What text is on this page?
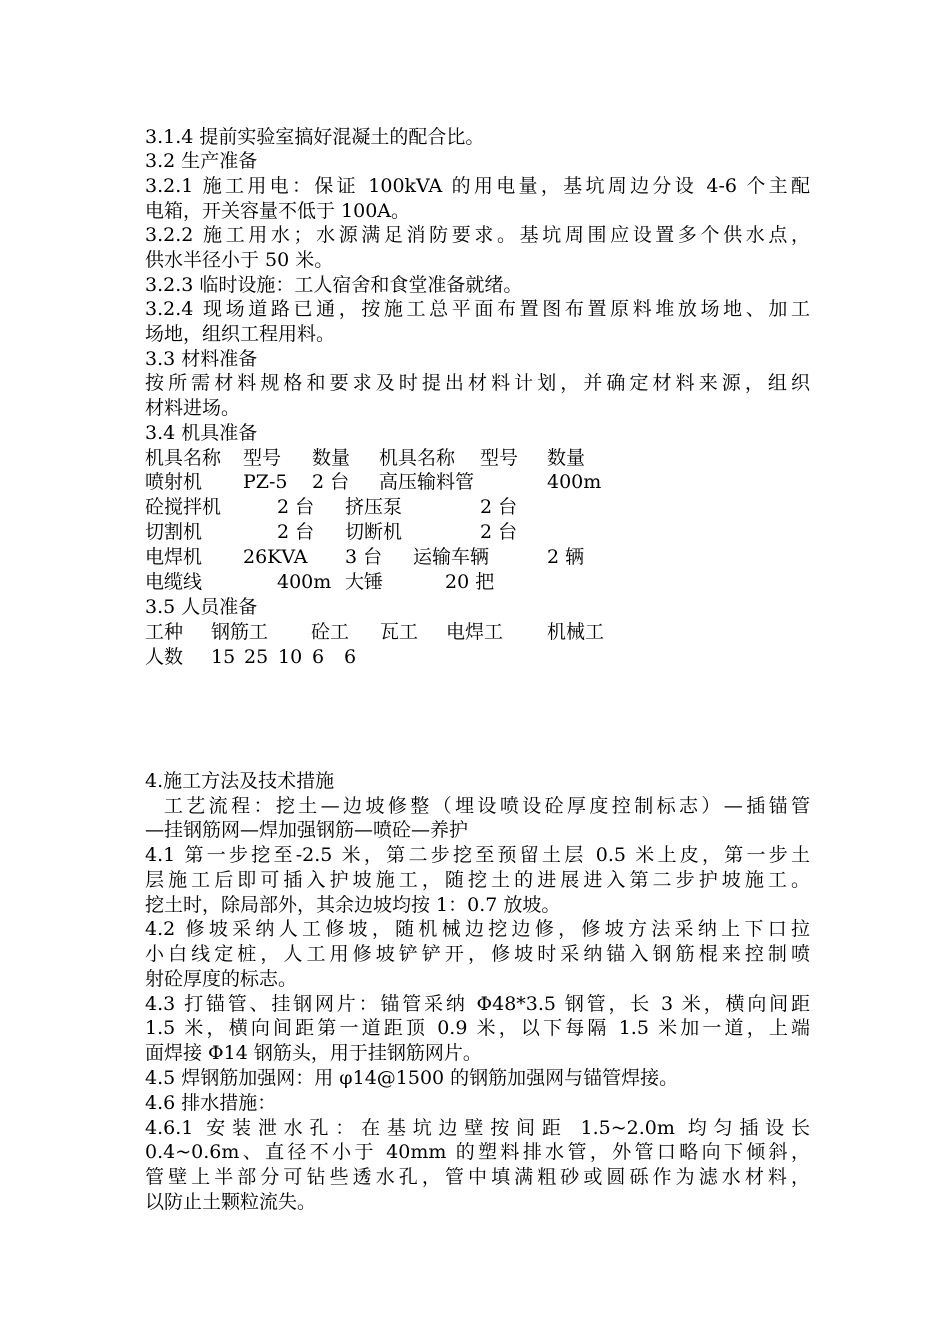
3.1.4 提前实验室搞好混凝土的配合比。
3.2 生产准备
3.2.1 施工用电：保证 100kVA 的用电量，基坑周边分设 4-6 个主配
电箱，开关容量不低于 100A。
3.2.2 施工用水；水源满足消防要求。基坑周围应设置多个供水点，
供水半径小于 50 米。
3.2.3 临时设施：工人宿舍和食堂准备就绪。
3.2.4 现场道路已通，按施工总平面布置图布置原料堆放场地、加工
场地，组织工程用料。
3.3 材料准备
按所需材料规格和要求及时提出材料计划，并确定材料来源，组织
材料进场。
3.4 机具准备
机具名称 型号 数量 机具名称 型号 数量
喷射机 PZ-5 2 台 高压输料管	400m
砼搅拌机	2 台 挤压泵	2 台
切割机	2 台 切断机	2 台
电焊机 26KVA 3 台 运输车辆	2 辆
电缆线	400m 大锤	20 把
3.5 人员准备
工种 钢筋工 砼工 瓦工 电焊工 机械工
人数 15 25 10 6 6
4.施工方法及技术措施
工艺流程：挖土—边坡修整（埋设喷设砼厚度控制标志）—插锚管
—挂钢筋网—焊加强钢筋—喷砼—养护
4.1 第一步挖至-2.5 米，第二步挖至预留土层 0.5 米上皮，第一步土
层施工后即可插入护坡施工，随挖土的进展进入第二步护坡施工。
挖土时，除局部外，其余边坡均按 1：0.7 放坡。
4.2 修坡采纳人工修坡，随机械边挖边修，修坡方法采纳上下口拉
小白线定桩，人工用修坡铲铲开，修坡时采纳锚入钢筋棍来控制喷
射砼厚度的标志。
4.3 打锚管、挂钢网片：锚管采纳 Φ48*3.5 钢管，长 3 米，横向间距
1.5 米，横向间距第一道距顶 0.9 米，以下每隔 1.5 米加一道，上端
面焊接 Φ14 钢筋头，用于挂钢筋网片。
4.5 焊钢筋加强网：用 φ14@1500 的钢筋加强网与锚管焊接。
4.6 排水措施：
4.6.1 安装泄水孔：在基坑边壁按间距 1.5~2.0m 均匀插设长
0.4~0.6m、直径不小于 40mm 的塑料排水管，外管口略向下倾斜，
管壁上半部分可钻些透水孔，管中填满粗砂或圆砾作为滤水材料，
以防止土颗粒流失。
